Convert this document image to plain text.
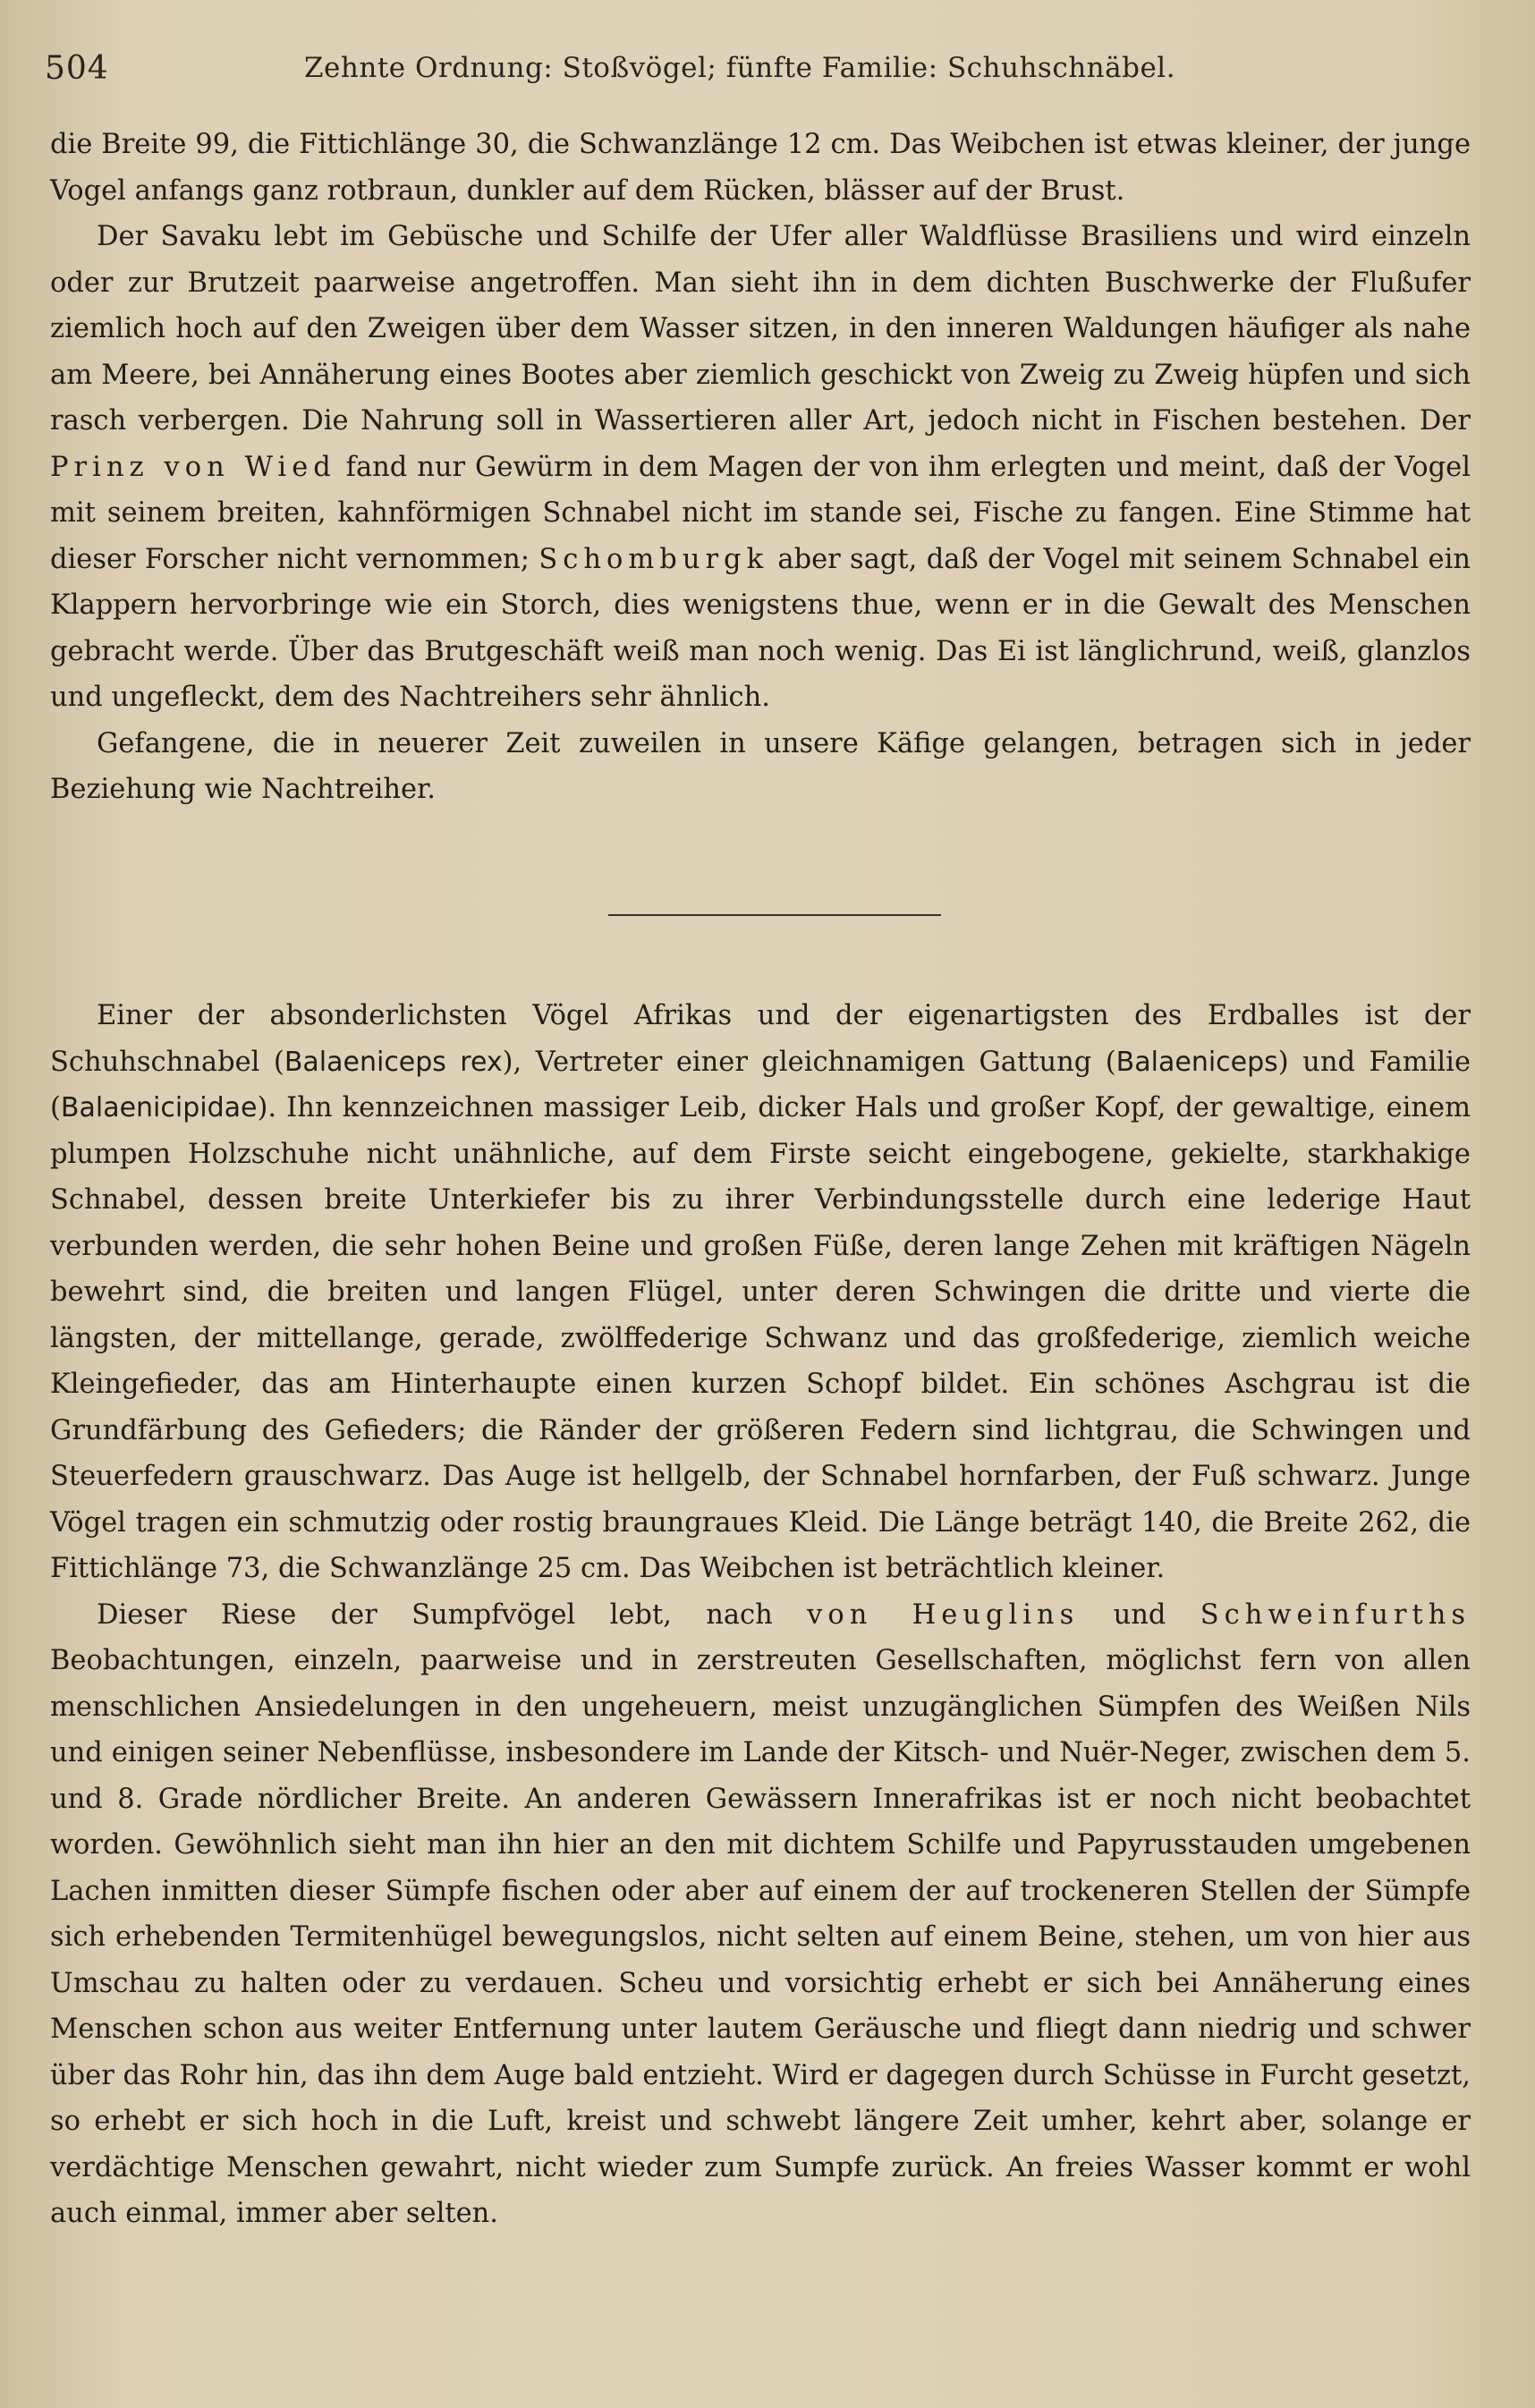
504	Zehnte Ordnung: Stoßvögel; fünfte Familie: Schuhschnäbel.

die Breite 99, die Fittichlänge 30, die Schwanzlänge 12 cm. Das Weibchen ist etwas kleiner, der junge Vogel anfangs ganz rotbraun, dunkler auf dem Rücken, blässer auf der Brust.

Der Savaku lebt im Gebüsche und Schilfe der Ufer aller Waldflüsse Brasiliens und wird einzeln oder zur Brutzeit paarweise angetroffen. Man sieht ihn in dem dichten Buschwerke der Flußufer ziemlich hoch auf den Zweigen über dem Wasser sitzen, in den inneren Waldungen häufiger als nahe am Meere, bei Annäherung eines Bootes aber ziemlich geschickt von Zweig zu Zweig hüpfen und sich rasch verbergen. Die Nahrung soll in Wassertieren aller Art, jedoch nicht in Fischen bestehen. Der Prinz von Wied fand nur Gewürm in dem Magen der von ihm erlegten und meint, daß der Vogel mit seinem breiten, kahnförmigen Schnabel nicht im stande sei, Fische zu fangen. Eine Stimme hat dieser Forscher nicht vernommen; Schomburgk aber sagt, daß der Vogel mit seinem Schnabel ein Klappern hervorbringe wie ein Storch, dies wenigstens thue, wenn er in die Gewalt des Menschen gebracht werde. Über das Brutgeschäft weiß man noch wenig. Das Ei ist länglichrund, weiß, glanzlos und ungefleckt, dem des Nachtreihers sehr ähnlich.

Gefangene, die in neuerer Zeit zuweilen in unsere Käfige gelangen, betragen sich in jeder Beziehung wie Nachtreiher.

Einer der absonderlichsten Vögel Afrikas und der eigenartigsten des Erdballes ist der Schuhschnabel (Balaeniceps rex), Vertreter einer gleichnamigen Gattung (Balaeniceps) und Familie (Balaenicipidae). Ihn kennzeichnen massiger Leib, dicker Hals und großer Kopf, der gewaltige, einem plumpen Holzschuhe nicht unähnliche, auf dem Firste seicht eingebogene, gekielte, starkhakige Schnabel, dessen breite Unterkiefer bis zu ihrer Verbindungsstelle durch eine lederige Haut verbunden werden, die sehr hohen Beine und großen Füße, deren lange Zehen mit kräftigen Nägeln bewehrt sind, die breiten und langen Flügel, unter deren Schwingen die dritte und vierte die längsten, der mittellange, gerade, zwölffederige Schwanz und das großfederige, ziemlich weiche Kleingefieder, das am Hinterhaupte einen kurzen Schopf bildet. Ein schönes Aschgrau ist die Grundfärbung des Gefieders; die Ränder der größeren Federn sind lichtgrau, die Schwingen und Steuerfedern grauschwarz. Das Auge ist hellgelb, der Schnabel hornfarben, der Fuß schwarz. Junge Vögel tragen ein schmutzig oder rostig braungraues Kleid. Die Länge beträgt 140, die Breite 262, die Fittichlänge 73, die Schwanzlänge 25 cm. Das Weibchen ist beträchtlich kleiner.

Dieser Riese der Sumpfvögel lebt, nach von Heuglins und Schweinfurths Beobachtungen, einzeln, paarweise und in zerstreuten Gesellschaften, möglichst fern von allen menschlichen Ansiedelungen in den ungeheuern, meist unzugänglichen Sümpfen des Weißen Nils und einigen seiner Nebenflüsse, insbesondere im Lande der Kitsch- und Nuër-Neger, zwischen dem 5. und 8. Grade nördlicher Breite. An anderen Gewässern Innerafrikas ist er noch nicht beobachtet worden. Gewöhnlich sieht man ihn hier an den mit dichtem Schilfe und Papyrusstauden umgebenen Lachen inmitten dieser Sümpfe fischen oder aber auf einem der auf trockeneren Stellen der Sümpfe sich erhebenden Termitenhügel bewegungslos, nicht selten auf einem Beine, stehen, um von hier aus Umschau zu halten oder zu verdauen. Scheu und vorsichtig erhebt er sich bei Annäherung eines Menschen schon aus weiter Entfernung unter lautem Geräusche und fliegt dann niedrig und schwer über das Rohr hin, das ihn dem Auge bald entzieht. Wird er dagegen durch Schüsse in Furcht gesetzt, so erhebt er sich hoch in die Luft, kreist und schwebt längere Zeit umher, kehrt aber, solange er verdächtige Menschen gewahrt, nicht wieder zum Sumpfe zurück. An freies Wasser kommt er wohl auch einmal, immer aber selten.
